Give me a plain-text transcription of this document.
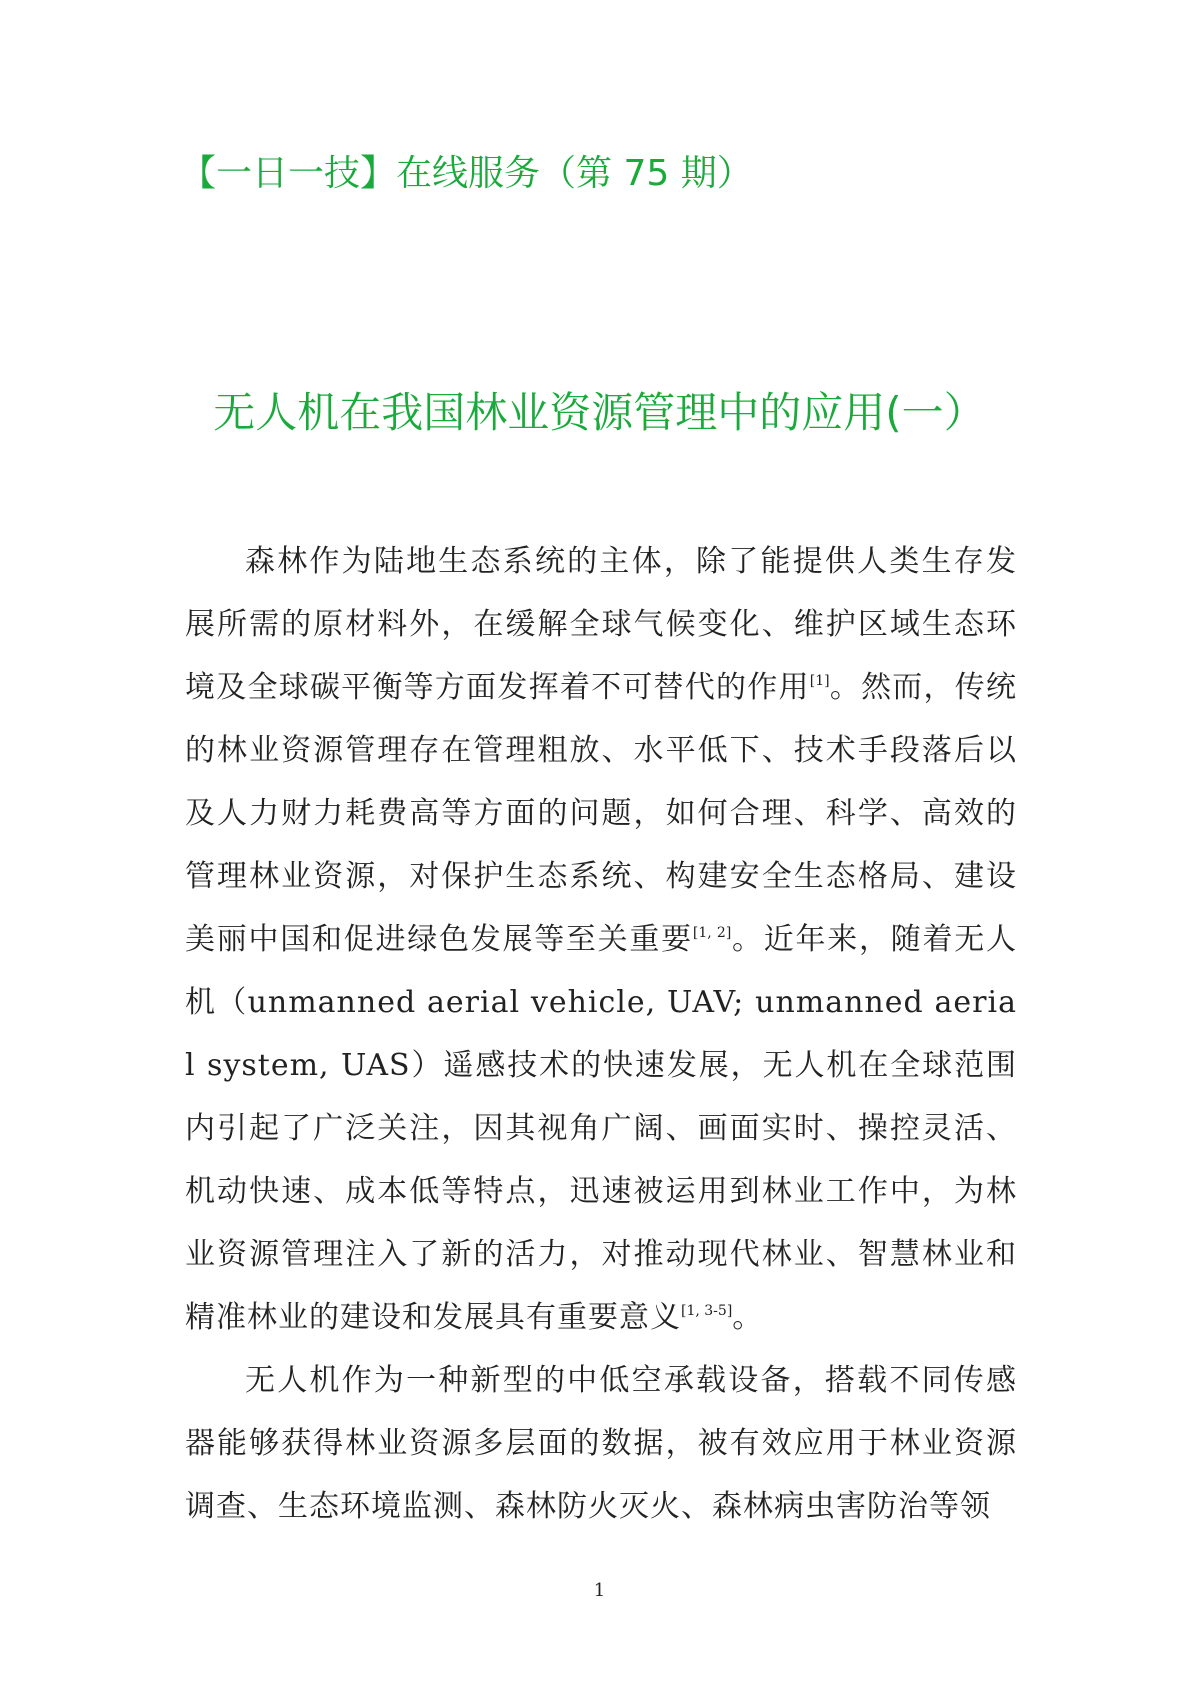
【一日一技】在线服务（第 75 期）
无人机在我国林业资源管理中的应用(一）

森林作为陆地生态系统的主体，除了能提供人类生存发展所需的原材料外，在缓解全球气候变化、维护区域生态环境及全球碳平衡等方面发挥着不可替代的作用[1]。然而，传统的林业资源管理存在管理粗放、水平低下、技术手段落后以及人力财力耗费高等方面的问题，如何合理、科学、高效的管理林业资源，对保护生态系统、构建安全生态格局、建设美丽中国和促进绿色发展等至关重要[1, 2]。近年来，随着无人机（unmanned aerial vehicle, UAV; unmanned aerial system, UAS）遥感技术的快速发展，无人机在全球范围内引起了广泛关注，因其视角广阔、画面实时、操控灵活、机动快速、成本低等特点，迅速被运用到林业工作中，为林业资源管理注入了新的活力，对推动现代林业、智慧林业和精准林业的建设和发展具有重要意义[1, 3-5]。

无人机作为一种新型的中低空承载设备，搭载不同传感器能够获得林业资源多层面的数据，被有效应用于林业资源调查、生态环境监测、森林防火灭火、森林病虫害防治等领

1
